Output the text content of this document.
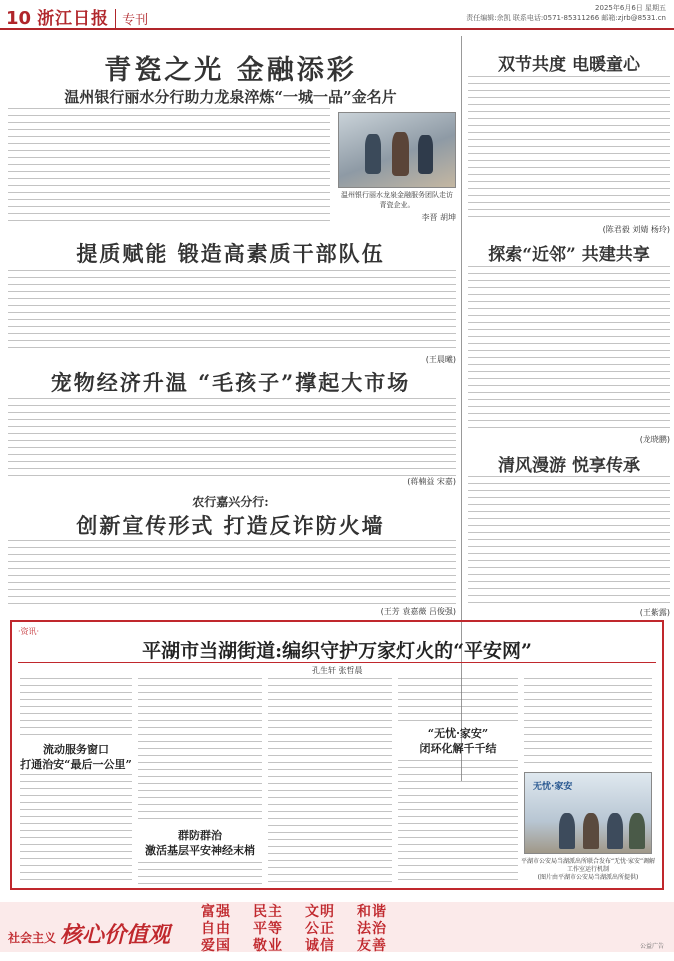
10 浙江日报	专刊
2025年6月6日 星期五
责任编辑:余凯 联系电话:0571-85311266 邮箱:zjrb@8531.cn
青瓷之光 金融添彩
温州银行丽水分行助力龙泉淬炼“一城一品”金名片
温州银行丽水龙泉金融服务团队走访青瓷企业。
李晋 胡坤
提质赋能 锻造高素质干部队伍
(王晨曦)
宠物经济升温 “毛孩子”撑起大市场
(蒋楠益 宋嘉)
农行嘉兴分行:
创新宣传形式 打造反诈防火墙
(王芳 袁嘉薇 吕俊强)
双节共度 电暖童心
(陈君毅 刘婧 杨玲)
探索“近邻” 共建共享
(龙晓鹏)
清风漫游 悦享传承
(王紫露)
·资讯·
平湖市当湖街道:编织守护万家灯火的“平安网”
孔生轩 张哲晨
流动服务窗口
打通治安“最后一公里”
群防群治
激活基层平安神经末梢
“无忧·家安”
闭环化解千千结
无忧·家安
平湖市公安局当湖派出所联合发布“无忧·家安”调解工作室运行机制
(图片由平湖市公安局当湖派出所提供)
社会主义 核心价值观
富强	民主	文明	和谐
自由	平等	公正	法治
爱国	敬业	诚信	友善	公益广告
